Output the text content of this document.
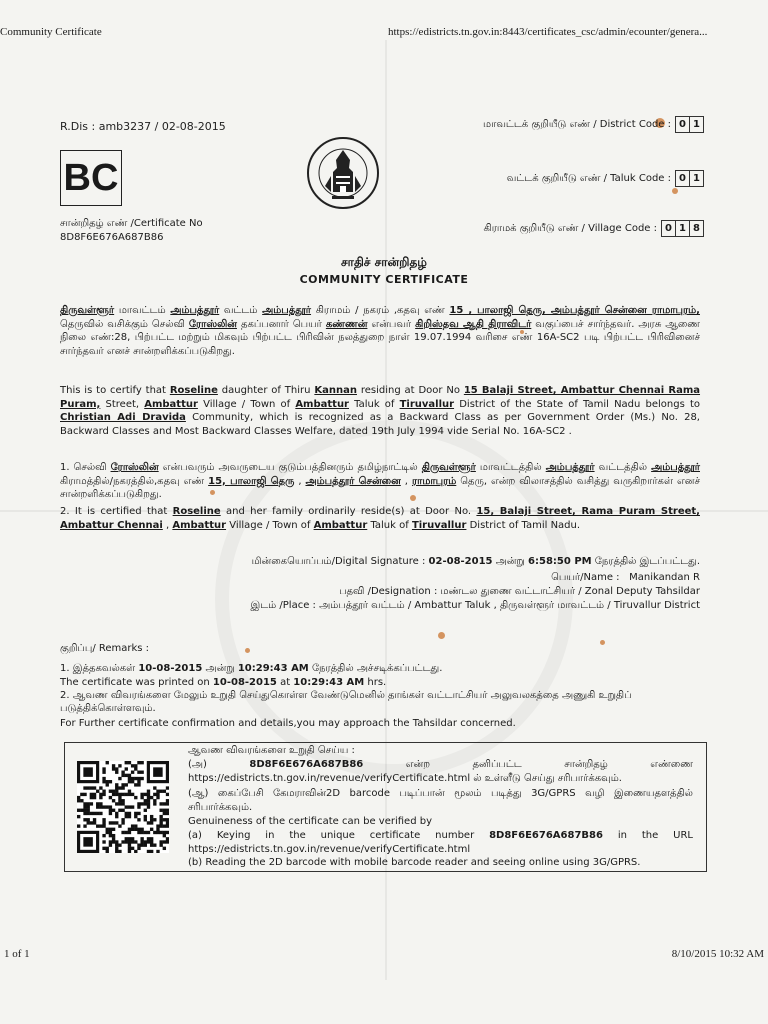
Community Certificate	https://edistricts.tn.gov.in:8443/certificates_csc/admin/ecounter/genera...
R.Dis : amb3237 / 02-08-2015
BC
சான்றிதழ் எண் /Certificate No
8D8F6E676A687B86
மாவட்டக் குறியீடு எண் / District Code : 0 1
வட்டக் குறியீடு எண் / Taluk Code : 0 1
கிராமக் குறியீடு எண் / Village Code : 0 1 8
சாதிச் சான்றிதழ்
COMMUNITY CERTIFICATE
திருவள்ளூர் மாவட்டம் அம்பத்தூர் வட்டம் அம்பத்தூர் கிராமம் / நகரம் ,கதவு எண் 15 , பாலாஜி தெரு, அம்பத்தூர் சென்னை ராமாபுரம், தெருவில் வசிக்கும் செல்வி ரோஸ்லின் தகப்பனார் பெயர் கண்ணன் என்பவர் கிறிஸ்தவ ஆதி திராவிடர் வகுப்பைச் சார்ந்தவர். அரசு ஆணை நிலை எண்:28, பிற்பட்ட மற்றும் மிகவும் பிற்பட்ட பிரிவின் நலத்துறை நாள் 19.07.1994 வரிசை எண் 16A-SC2 படி பிற்பட்ட பிரிவினைச் சார்ந்தவர் எனச் சான்றளிக்கப்படுகிறது.
This is to certify that Roseline daughter of Thiru Kannan residing at Door No 15 Balaji Street, Ambattur Chennai Rama Puram, Street, Ambattur Village / Town of Ambattur Taluk of Tiruvallur District of the State of Tamil Nadu belongs to Christian Adi Dravida Community, which is recognized as a Backward Class as per Government Order (Ms.) No. 28, Backward Classes and Most Backward Classes Welfare, dated 19th July 1994 vide Serial No. 16A-SC2 .
1. செல்வி ரோஸ்லின் என்பவரும் அவருடைய குடும்பத்தினரும் தமிழ்நாட்டில் திருவள்ளூர் மாவட்டத்தில் அம்பத்தூர் வட்டத்தில் அம்பத்தூர் கிராமத்தில்/நகரத்தில்,கதவு எண் 15, பாலாஜி தெரு , அம்பத்தூர் சென்னை , ராமாபுரம் தெரு, என்ற விலாசத்தில் வசித்து வருகிறார்கள் எனச் சான்றளிக்கப்படுகிறது.
2. It is certified that Roseline and her family ordinarily reside(s) at Door No. 15, Balaji Street, Rama Puram Street, Ambattur Chennai , Ambattur Village / Town of Ambattur Taluk of Tiruvallur District of Tamil Nadu.
மின்கையொப்பம்/Digital Signature : 02-08-2015 அன்று 6:58:50 PM நேரத்தில் இடப்பட்டது.
பெயர்/Name : Manikandan R
பதவி /Designation : மண்டல துணை வட்டாட்சியர் / Zonal Deputy Tahsildar
இடம் /Place : அம்பத்தூர் வட்டம் / Ambattur Taluk , திருவள்ளூர் மாவட்டம் / Tiruvallur District
குறிப்பு/ Remarks :
1. இத்தகவல்கள் 10-08-2015 அன்று 10:29:43 AM நேரத்தில் அச்சடிக்கப்பட்டது.
The certificate was printed on 10-08-2015 at 10:29:43 AM hrs.
2. ஆவண விவரங்களை மேலும் உறுதி செய்துகொள்ள வேண்டுமெனில் தாங்கள் வட்டாட்சியர் அலுவலகத்தை அணுகி உறுதிப் படுத்திக்கொள்ளவும்.
For Further certificate confirmation and details,you may approach the Tahsildar concerned.
ஆவண விவரங்களை உறுதி செய்ய :
(அ) 8D8F6E676A687B86 என்ற தனிப்பட்ட சான்றிதழ் எண்ணை https://edistricts.tn.gov.in/revenue/verifyCertificate.html ல் உள்ளீடு செய்து சரிபார்க்கவும்.
(ஆ) கைப்பேசி கேமராவின்2D barcode படிப்பான் மூலம் படித்து 3G/GPRS வழி இணையதளத்தில் சரிபார்க்கவும்.
Genuineness of the certificate can be verified by
(a) Keying in the unique certificate number 8D8F6E676A687B86 in the URL https://edistricts.tn.gov.in/revenue/verifyCertificate.html
(b) Reading the 2D barcode with mobile barcode reader and seeing online using 3G/GPRS.
1 of 1	8/10/2015 10:32 AM
